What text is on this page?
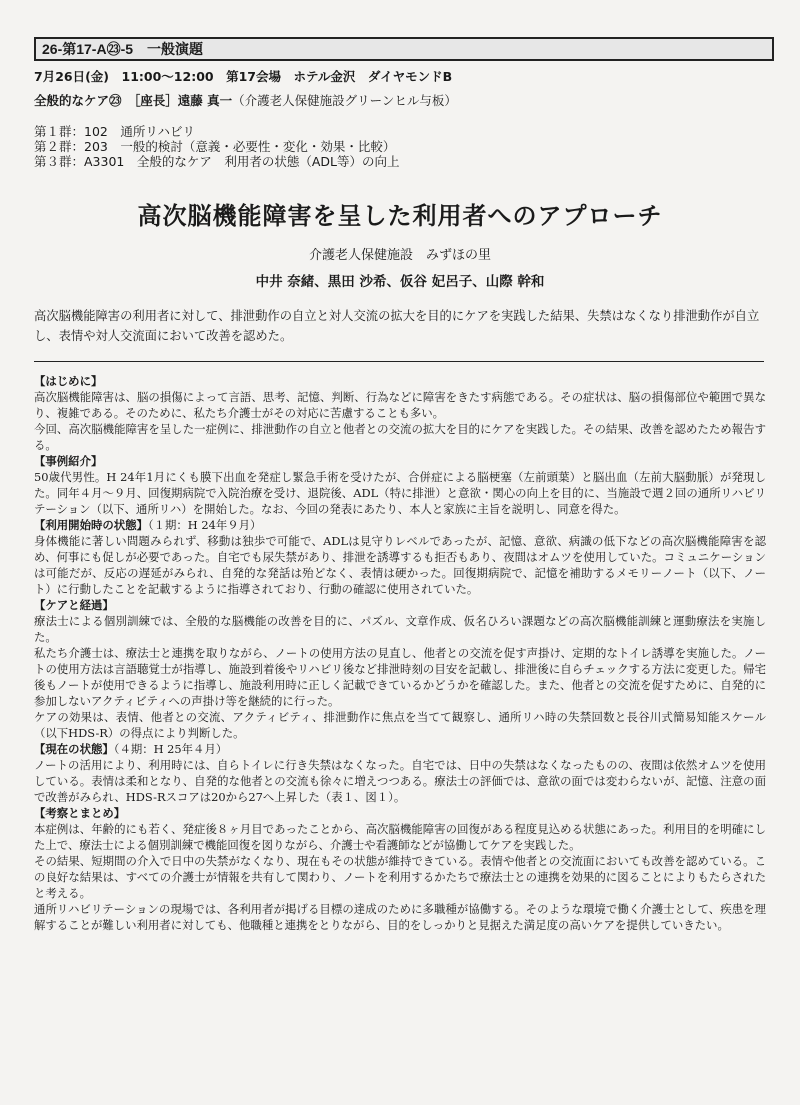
26-第17-A㉓-5　一般演題
7月26日(金)　11:00～12:00　第17会場　ホテル金沢　ダイヤモンドB
全般的なケア㉓　［座長］遠藤 真一（介護老人保健施設グリーンヒル与板）
第１群：102　通所リハビリ
第２群：203　一般的検討（意義・必要性・変化・効果・比較）
第３群：A3301　全般的なケア　利用者の状態（ADL等）の向上
高次脳機能障害を呈した利用者へのアプローチ
介護老人保健施設　みずほの里
中井 奈緒、黒田 沙希、仮谷 妃呂子、山際 幹和
高次脳機能障害の利用者に対して、排泄動作の自立と対人交流の拡大を目的にケアを実践した結果、失禁はなくなり排泄動作が自立し、表情や対人交流面において改善を認めた。

【はじめに】

高次脳機能障害は、脳の損傷によって言語、思考、記憶、判断、行為などに障害をきたす病態である。その症状は、脳の損傷部位や範囲で異なり、複雑である。そのために、私たち介護士がその対応に苦慮することも多い。

今回、高次脳機能障害を呈した一症例に、排泄動作の自立と他者との交流の拡大を目的にケアを実践した。その結果、改善を認めたため報告する。

【事例紹介】

50歳代男性。H 24年1月にくも膜下出血を発症し緊急手術を受けたが、合併症による脳梗塞（左前頭葉）と脳出血（左前大脳動脈）が発現した。同年４月～９月、回復期病院で入院治療を受け、退院後、ADL（特に排泄）と意欲・関心の向上を目的に、当施設で週２回の通所リハビリテーション（以下、通所リハ）を開始した。なお、今回の発表にあたり、本人と家族に主旨を説明し、同意を得た。

【利用開始時の状態】（１期：H 24年９月）

身体機能に著しい問題みられず、移動は独歩で可能で、ADLは見守りレベルであったが、記憶、意欲、病識の低下などの高次脳機能障害を認め、何事にも促しが必要であった。自宅でも尿失禁があり、排泄を誘導するも拒否もあり、夜間はオムツを使用していた。コミュニケーションは可能だが、反応の遅延がみられ、自発的な発話は殆どなく、表情は硬かった。回復期病院で、記憶を補助するメモリーノート（以下、ノート）に行動したことを記載するように指導されており、行動の確認に使用されていた。

【ケアと経過】

療法士による個別訓練では、全般的な脳機能の改善を目的に、パズル、文章作成、仮名ひろい課題などの高次脳機能訓練と運動療法を実施した。

私たち介護士は、療法士と連携を取りながら、ノートの使用方法の見直し、他者との交流を促す声掛け、定期的なトイレ誘導を実施した。ノートの使用方法は言語聴覚士が指導し、施設到着後やリハビリ後など排泄時刻の目安を記載し、排泄後に自らチェックする方法に変更した。帰宅後もノートが使用できるように指導し、施設利用時に正しく記載できているかどうかを確認した。また、他者との交流を促すために、自発的に参加しないアクティビティへの声掛け等を継続的に行った。

ケアの効果は、表情、他者との交流、アクティビティ、排泄動作に焦点を当てて観察し、通所リハ時の失禁回数と長谷川式簡易知能スケール（以下HDS-R）の得点により判断した。

【現在の状態】（４期：H 25年４月）

ノートの活用により、利用時には、自らトイレに行き失禁はなくなった。自宅では、日中の失禁はなくなったものの、夜間は依然オムツを使用している。表情は柔和となり、自発的な他者との交流も徐々に増えつつある。療法士の評価では、意欲の面では変わらないが、記憶、注意の面で改善がみられ、HDS-Rスコアは20から27へ上昇した（表１、図１）。

【考察とまとめ】

本症例は、年齢的にも若く、発症後８ヶ月目であったことから、高次脳機能障害の回復がある程度見込める状態にあった。利用目的を明確にした上で、療法士による個別訓練で機能回復を図りながら、介護士や看護師などが協働してケアを実践した。

その結果、短期間の介入で日中の失禁がなくなり、現在もその状態が維持できている。表情や他者との交流面においても改善を認めている。この良好な結果は、すべての介護士が情報を共有して関わり、ノートを利用するかたちで療法士との連携を効果的に図ることによりもたらされたと考える。

通所リハビリテーションの現場では、各利用者が掲げる目標の達成のために多職種が協働する。そのような環境で働く介護士として、疾患を理解することが難しい利用者に対しても、他職種と連携をとりながら、目的をしっかりと見据えた満足度の高いケアを提供していきたい。
